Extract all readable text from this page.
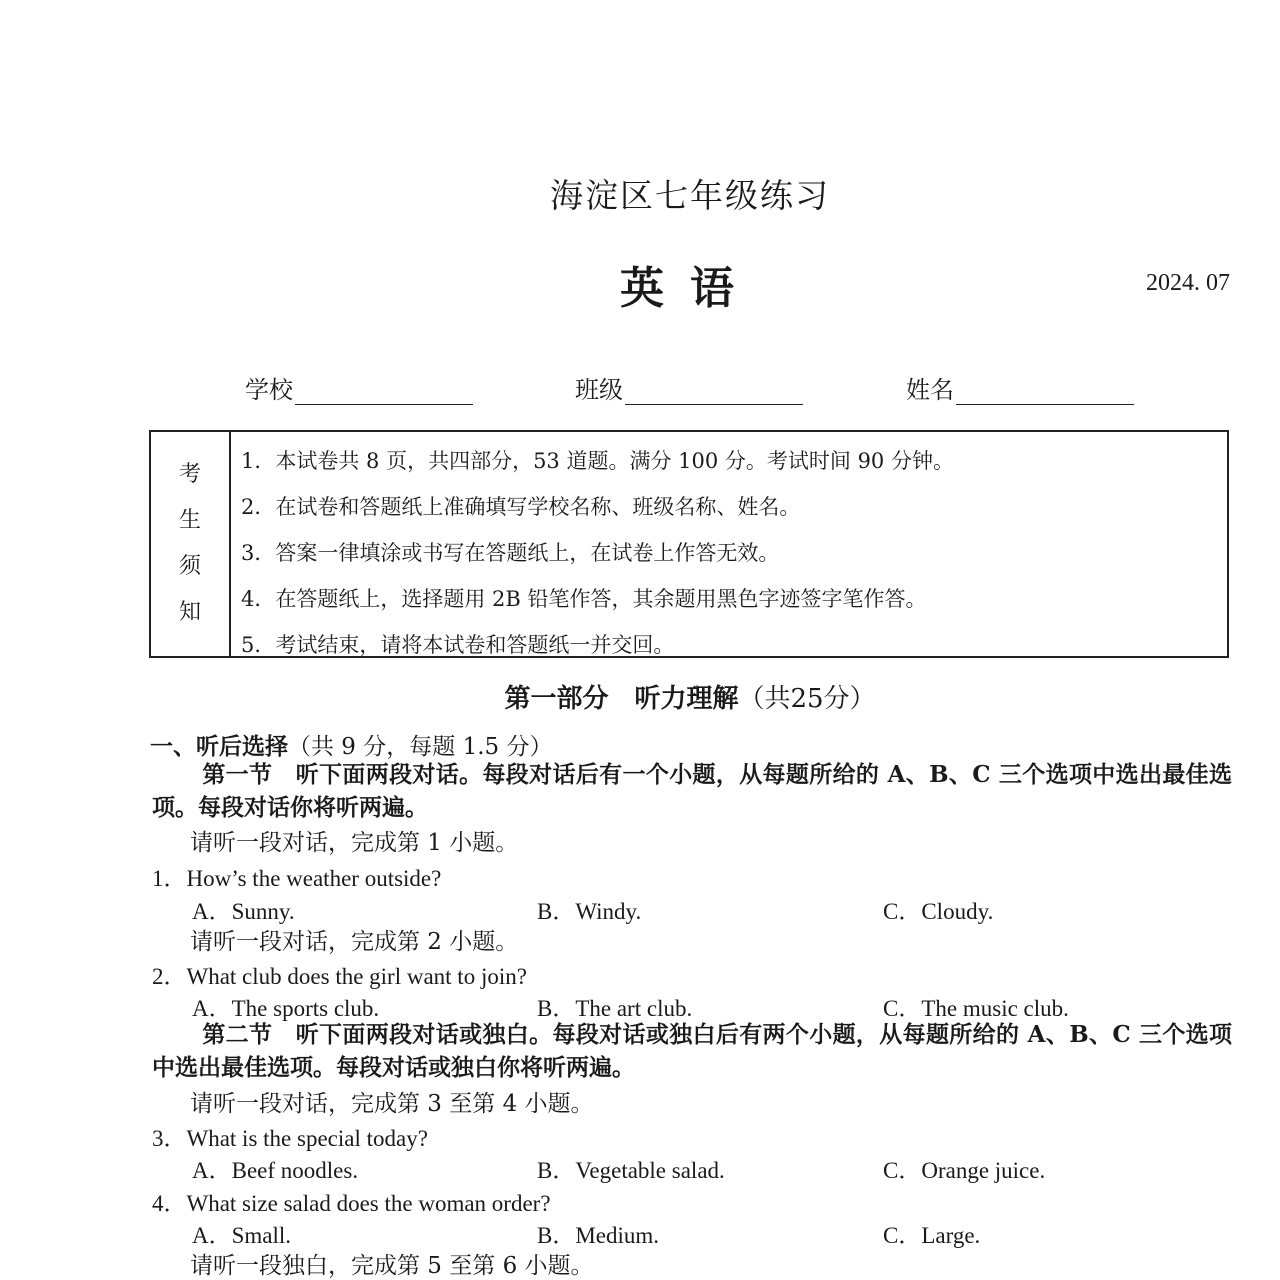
海淀区七年级练习
英语	2024. 07
学校	班级	姓名
考
生
须
知
1．本试卷共 8 页，共四部分，53 道题。满分 100 分。考试时间 90 分钟。
2．在试卷和答题纸上准确填写学校名称、班级名称、姓名。
3．答案一律填涂或书写在答题纸上，在试卷上作答无效。
4．在答题纸上，选择题用 2B 铅笔作答，其余题用黑色字迹签字笔作答。
5．考试结束，请将本试卷和答题纸一并交回。
第一部分　听力理解（共25分）
一、听后选择（共 9 分，每题 1.5 分）
第一节　 听下面两段对话。每段对话后有一个小题，从每题所给的 A、B、C 三个选项中选出最佳选项。每段对话你将听两遍。
请听一段对话，完成第 1 小题。
1．How’s the weather outside?
A．Sunny.	B．Windy.	C．Cloudy.
请听一段对话，完成第 2 小题。
2．What club does the girl want to join?
A．The sports club.	B．The art club.	C．The music club.
第二节　 听下面两段对话或独白。每段对话或独白后有两个小题，从每题所给的 A、B、C 三个选项中选出最佳选项。每段对话或独白你将听两遍。
请听一段对话，完成第 3 至第 4 小题。
3．What is the special today?
A．Beef noodles.	B．Vegetable salad.	C．Orange juice.
4．What size salad does the woman order?
A．Small.	B．Medium.	C．Large.
请听一段独白，完成第 5 至第 6 小题。
